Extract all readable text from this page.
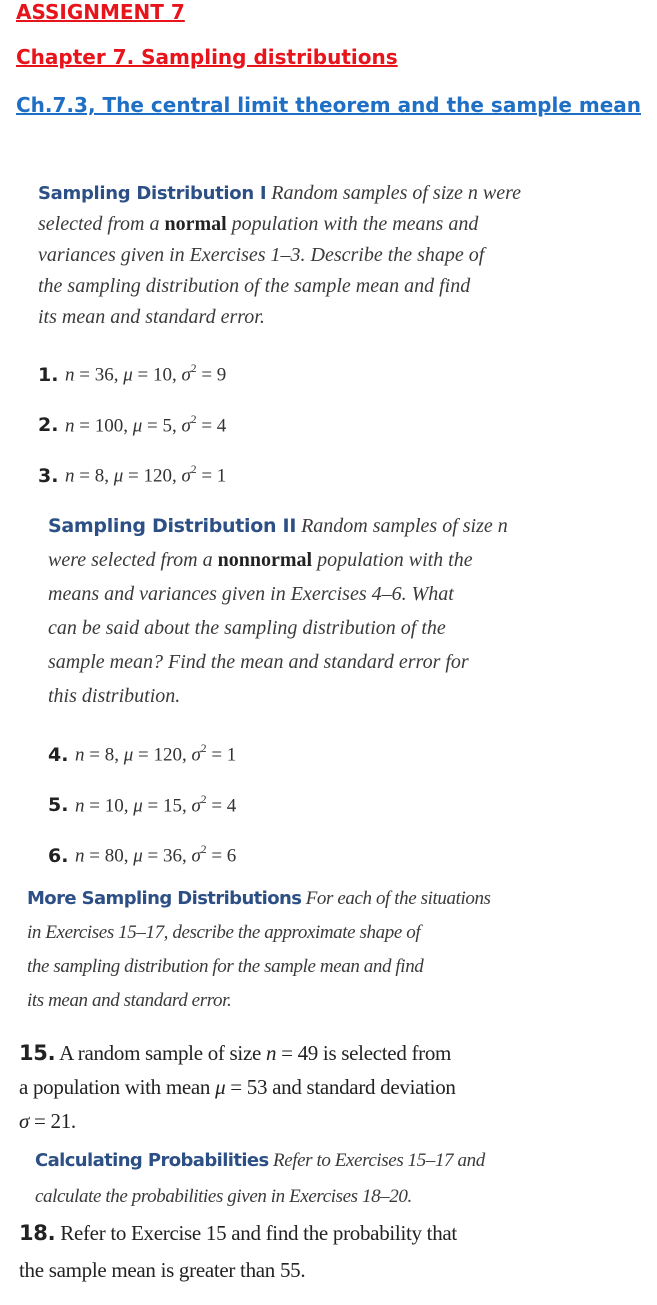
ASSIGNMENT 7

Chapter 7. Sampling distributions

Ch.7.3, The central limit theorem and the sample mean

Sampling Distribution I Random samples of size n were
selected from a normal population with the means and
variances given in Exercises 1–3. Describe the shape of
the sampling distribution of the sample mean and find
its mean and standard error.

1. n = 36, μ = 10, $\sigma^2 = 9$

2. n = 100, μ = 5, $\sigma^2 = 4$

3. n = 8, μ = 120, $\sigma^2 = 1$

Sampling Distribution II Random samples of size n
were selected from a nonnormal population with the
means and variances given in Exercises 4–6. What
can be said about the sampling distribution of the
sample mean? Find the mean and standard error for
this distribution.

4. n = 8, μ = 120, $\sigma^2 = 1$

5. n = 10, μ = 15, $\sigma^2 = 4$

6. n = 80, μ = 36, $\sigma^2 = 6$

More Sampling Distributions For each of the situations
in Exercises 15–17, describe the approximate shape of
the sampling distribution for the sample mean and find
its mean and standard error.

15. A random sample of size n = 49 is selected from

a population with mean μ = 53 and standard deviation

σ = 21.

Calculating Probabilities Refer to Exercises 15–17 and
calculate the probabilities given in Exercises 18–20.

18. Refer to Exercise 15 and find the probability that

the sample mean is greater than 55.
